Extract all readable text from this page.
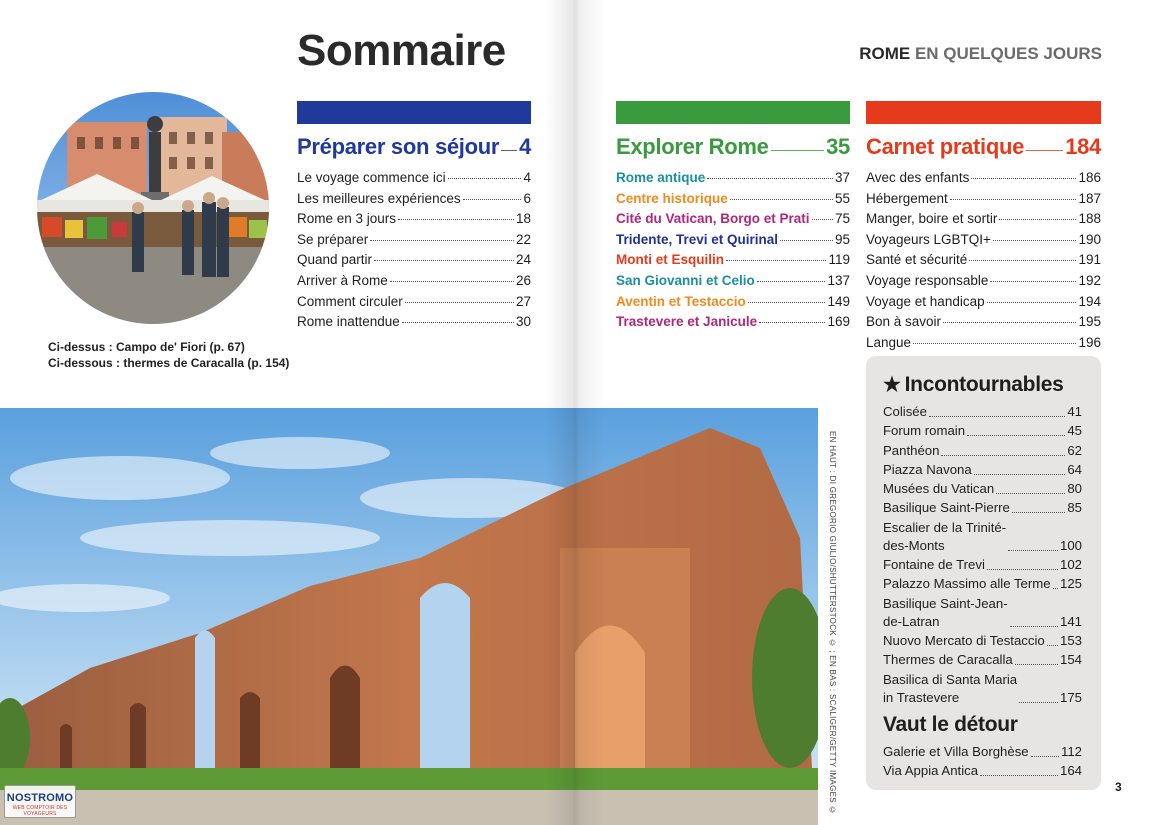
Sommaire	ROME EN QUELQUES JOURS
Ci-dessus : Campo de' Fiori (p. 67)
Ci-dessous : thermes de Caracalla (p. 154)
Préparer son séjour 4
Le voyage commence ici	4
Les meilleures expériences	6
Rome en 3 jours	18
Se préparer	22
Quand partir	24
Arriver à Rome	26
Comment circuler	27
Rome inattendue	30
Explorer Rome	35
Rome antique	37
Centre historique	55
Cité du Vatican, Borgo et Prati 75
Tridente, Trevi et Quirinal	95
Monti et Esquilin	119
San Giovanni et Celio	137
Aventin et Testaccio	149
Trastevere et Janicule	169
Carnet pratique 184
Avec des enfants	186
Hébergement	187
Manger, boire et sortir	188
Voyageurs LGBTQI+	190
Santé et sécurité	191
Voyage responsable	192
Voyage et handicap	194
Bon à savoir	195
Langue	196
★ Incontournables
Colisée	41
Forum romain	45
Panthéon	62
Piazza Navona	64
Musées du Vatican	80
Basilique Saint-Pierre	85
Escalier de la Trinité-
des-Monts	100
Fontaine de Trevi	102
Palazzo Massimo alle Terme 125
Basilique Saint-Jean-
de-Latran	141
Nuovo Mercato di Testaccio 153
Thermes de Caracalla	154
Basilica di Santa Maria
in Trastevere	175
Vaut le détour
Galerie et Villa Borghèse 112
Via Appia Antica	164
EN HAUT : DI GREGORIO GIULIO/SHUTTERSTOCK © ; EN BAS : SCALIGER/GETTY IMAGES ©	3
NOSTROMO
WEB COMPTOIR DES VOYAGEURS
